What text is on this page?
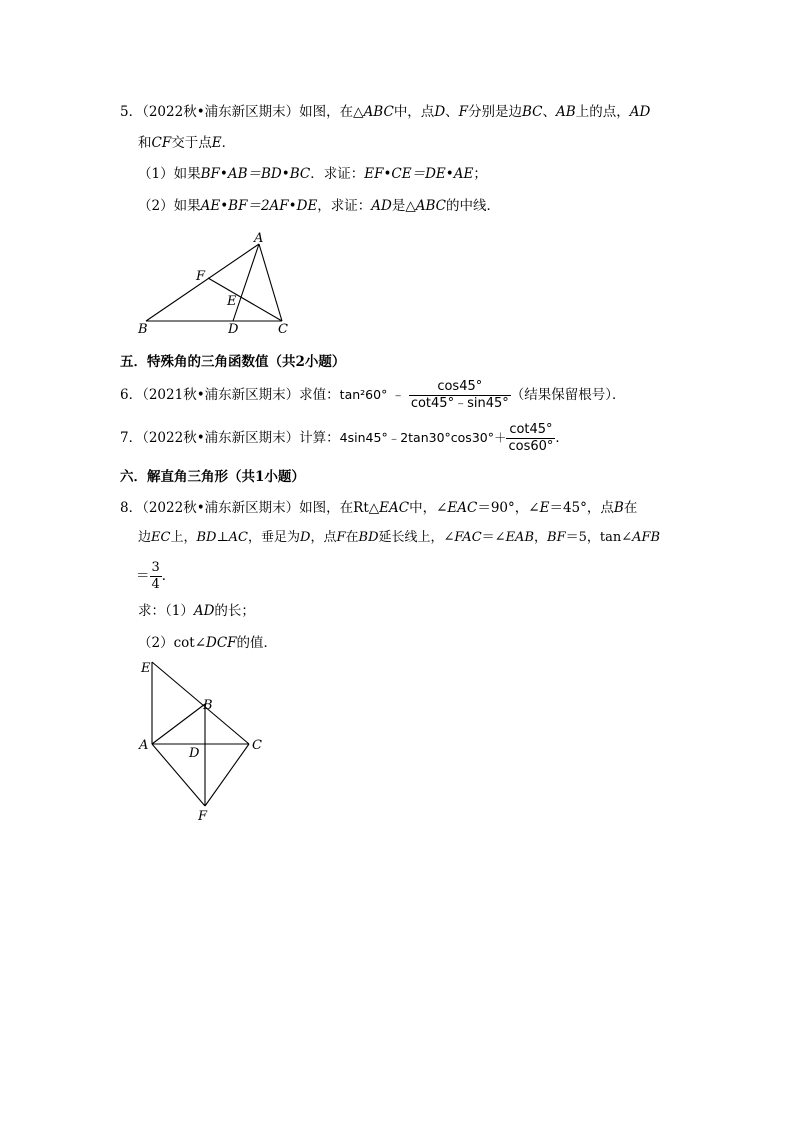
5．（2022秋•浦东新区期末）如图，在△ABC中，点D、F分别是边BC、AB上的点，AD
和CF交于点E．
（1）如果BF•AB＝BD•BC．求证：EF•CE＝DE•AE；
（2）如果AE•BF＝2AF•DE，求证：AD是△ABC的中线．
A
B	C
D
E
F
五．特殊角的三角函数值（共2小题）
6．（2021秋•浦东新区期末）求值：tan²60° ﹣ $\frac{\cos 45^\circ}{\cot 45^\circ﹣\sin 45^\circ}$ （结果保留根号）．
7．（2022秋•浦东新区期末）计算：4sin45°﹣2tan30°cos30°＋ $\frac{\cot 45^\circ}{\cos 60^\circ}$ ．
六．解直角三角形（共1小题）
8．（2022秋•浦东新区期末）如图，在Rt△EAC中，∠EAC＝90°，∠E＝45°，点B在
边EC上，BD⊥AC，垂足为D，点F在BD延长线上，∠FAC＝∠EAB，BF＝5，tan∠AFB
＝ $\frac{3}{4}$ ．
求：（1）AD的长；
（2）cot∠DCF的值．
E
B
A
D
C
F
